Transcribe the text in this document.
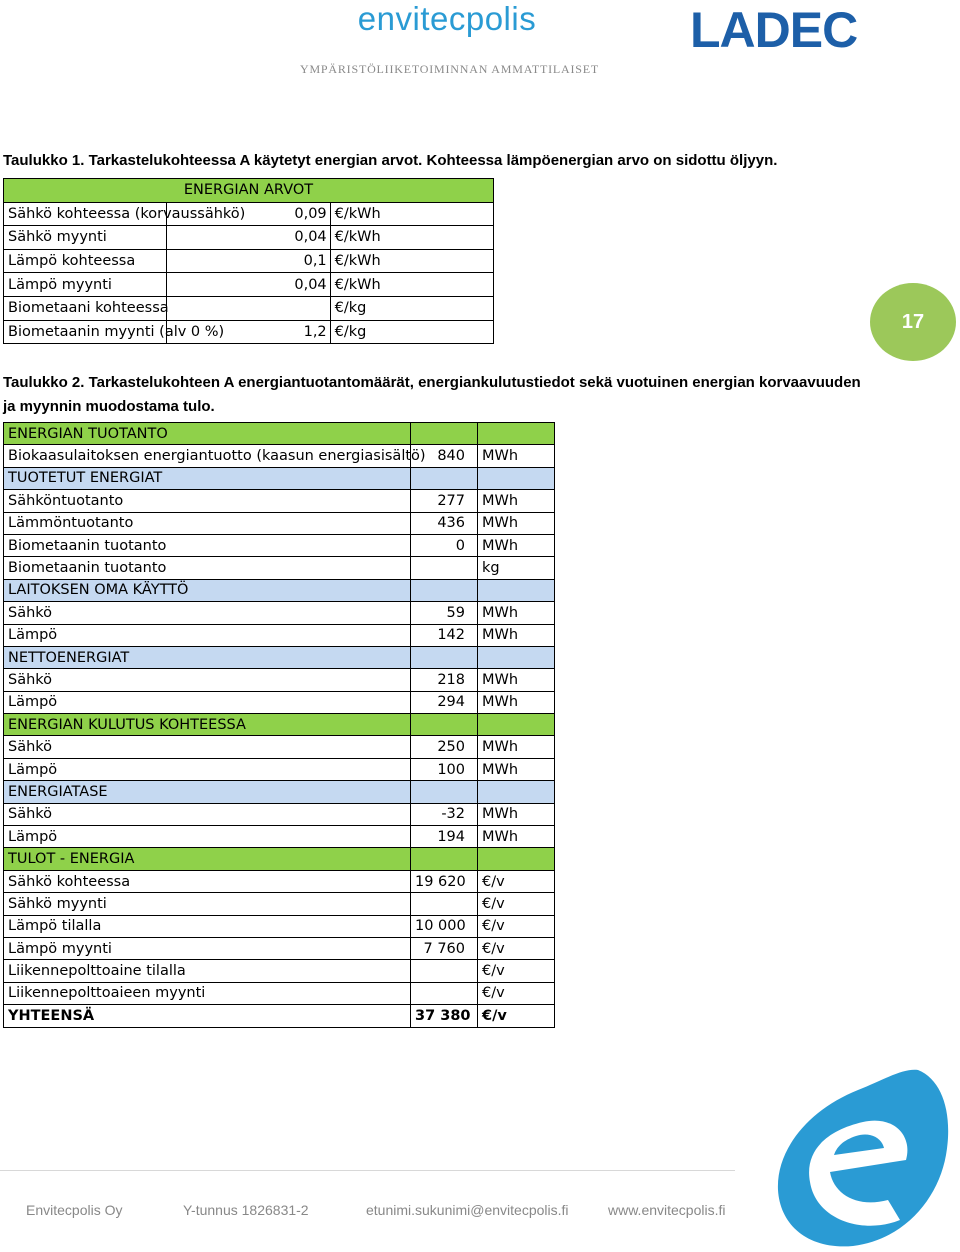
envitecpolis	LADEC
YMPÄRISTÖLIIKETOIMINNAN AMMATTILAISET
Taulukko 1. Tarkastelukohteessa A käytetyt energian arvot. Kohteessa lämpöenergian arvo on sidottu öljyyn.
ENERGIAN ARVOT		
Sähkö kohteessa (korvaussähkö)	0,09	€/kWh
Sähkö myynti	0,04	€/kWh
Lämpö kohteessa	0,1	€/kWh
Lämpö myynti	0,04	€/kWh
Biometaani kohteessa		€/kg
Biometaanin myynti (alv 0 %)	1,2	€/kg	17
Taulukko 2. Tarkastelukohteen A energiantuotantomäärät, energiankulutustiedot sekä vuotuinen energian korvaavuuden
ja myynnin muodostama tulo.
ENERGIAN TUOTANTO		
Biokaasulaitoksen energiantuotto (kaasun energiasisältö)	840	MWh
TUOTETUT ENERGIAT		
Sähköntuotanto	277	MWh
Lämmöntuotanto	436	MWh
Biometaanin tuotanto	0	MWh
Biometaanin tuotanto		kg
LAITOKSEN OMA KÄYTTÖ		
Sähkö	59	MWh
Lämpö	142	MWh
NETTOENERGIAT		
Sähkö	218	MWh
Lämpö	294	MWh
ENERGIAN KULUTUS KOHTEESSA		
Sähkö	250	MWh
Lämpö	100	MWh
ENERGIATASE		
Sähkö	-32	MWh
Lämpö	194	MWh
TULOT - ENERGIA		
Sähkö kohteessa	19 620	€/v
Sähkö myynti		€/v
Lämpö tilalla	10 000	€/v
Lämpö myynti	7 760	€/v
Liikennepolttoaine tilalla		€/v
Liikennepolttoaieen myynti		€/v
YHTEENSÄ	37 380	€/v
Envitecpolis Oy	Y-tunnus 1826831-2	etunimi.sukunimi@envitecpolis.fi	www.envitecpolis.fi
